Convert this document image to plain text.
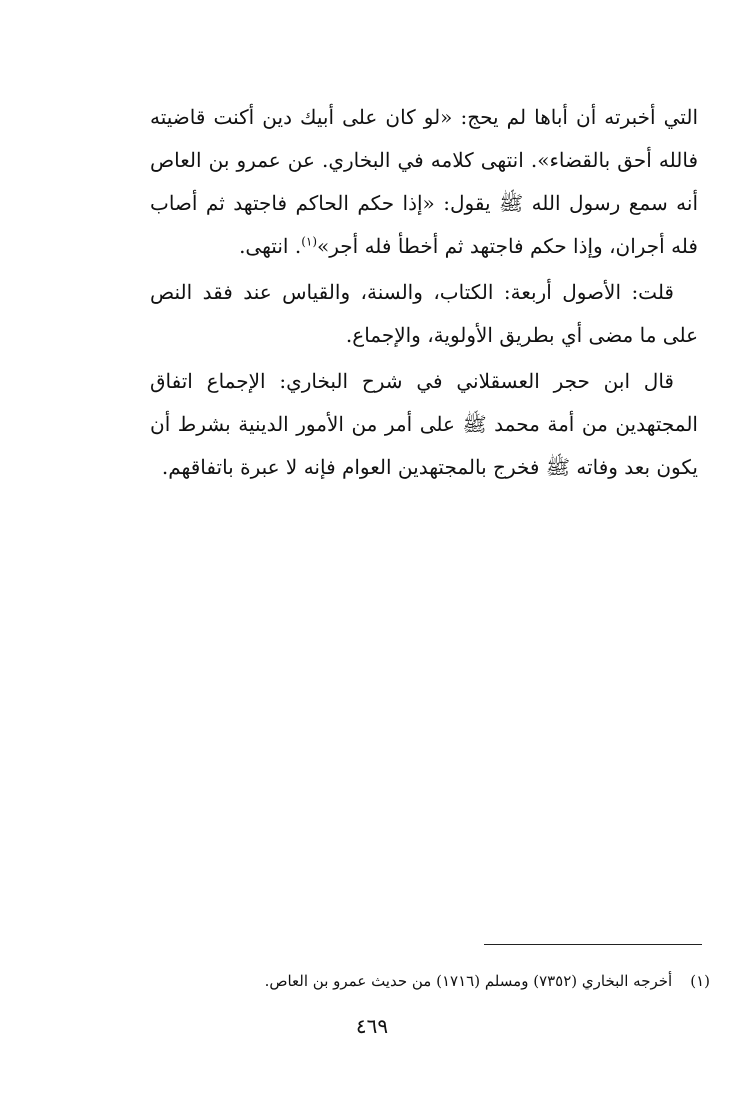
التي أخبرته أن أباها لم يحج: «لو كان على أبيك دين أكنت قاضيته فالله أحق بالقضاء». انتهى كلامه في البخاري. عن عمرو بن العاص أنه سمع رسول الله ﷺ يقول: «إذا حكم الحاكم فاجتهد ثم أصاب فله أجران، وإذا حكم فاجتهد ثم أخطأ فله أجر»$^{(١)}$. انتهى.

قلت: الأصول أربعة: الكتاب، والسنة، والقياس عند فقد النص على ما مضى أي بطريق الأولوية، والإجماع.

قال ابن حجر العسقلاني في شرح البخاري: الإجماع اتفاق المجتهدين من أمة محمد ﷺ على أمر من الأمور الدينية بشرط أن يكون بعد وفاته ﷺ فخرج بالمجتهدين العوام فإنه لا عبرة باتفاقهم.

(١)أخرجه البخاري (٧٣٥٢) ومسلم (١٧١٦) من حديث عمرو بن العاص.
٤٦٩
